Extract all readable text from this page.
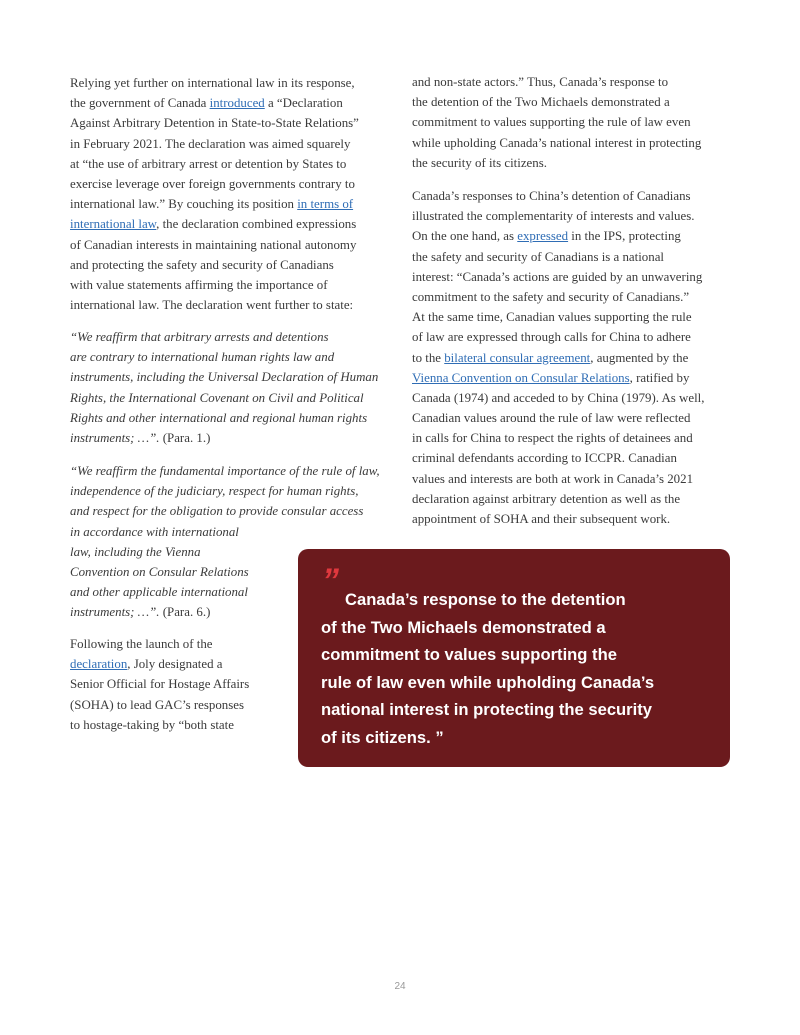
Relying yet further on international law in its response,
the government of Canada introduced a “Declaration
Against Arbitrary Detention in State-to-State Relations”
in February 2021. The declaration was aimed squarely
at “the use of arbitrary arrest or detention by States to
exercise leverage over foreign governments contrary to
international law.” By couching its position in terms of
international law, the declaration combined expressions
of Canadian interests in maintaining national autonomy
and protecting the safety and security of Canadians
with value statements affirming the importance of
international law. The declaration went further to state:
“We reaffirm that arbitrary arrests and detentions
are contrary to international human rights law and
instruments, including the Universal Declaration of Human
Rights, the International Covenant on Civil and Political
Rights and other international and regional human rights
instruments; …”. (Para. 1.)
“We reaffirm the fundamental importance of the rule of law,
independence of the judiciary, respect for human rights,
and respect for the obligation to provide consular access
in accordance with international
law, including the Vienna
Convention on Consular Relations
and other applicable international
instruments; …”. (Para. 6.)
Following the launch of the
declaration, Joly designated a
Senior Official for Hostage Affairs
(SOHA) to lead GAC’s responses
to hostage-taking by “both state
and non-state actors.” Thus, Canada’s response to
the detention of the Two Michaels demonstrated a
commitment to values supporting the rule of law even
while upholding Canada’s national interest in protecting
the security of its citizens.
Canada’s responses to China’s detention of Canadians
illustrated the complementarity of interests and values.
On the one hand, as expressed in the IPS, protecting
the safety and security of Canadians is a national
interest: “Canada’s actions are guided by an unwavering
commitment to the safety and security of Canadians.”
At the same time, Canadian values supporting the rule
of law are expressed through calls for China to adhere
to the bilateral consular agreement, augmented by the
Vienna Convention on Consular Relations, ratified by
Canada (1974) and acceded to by China (1979). As well,
Canadian values around the rule of law were reflected
in calls for China to respect the rights of detainees and
criminal defendants according to ICCPR. Canadian
values and interests are both at work in Canada’s 2021
declaration against arbitrary detention as well as the
appointment of SOHA and their subsequent work.
” Canada’s response to the detention
of the Two Michaels demonstrated a
commitment to values supporting the
rule of law even while upholding Canada’s
national interest in protecting the security
of its citizens. ”
24
